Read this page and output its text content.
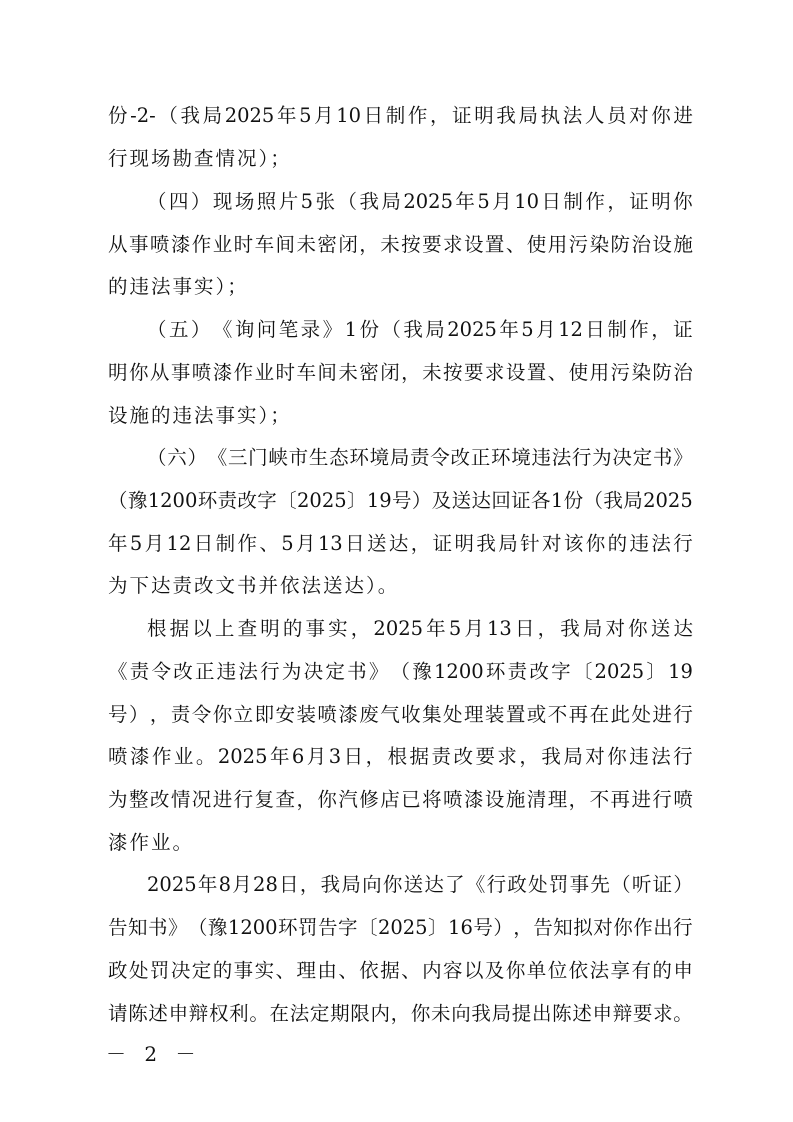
份 -2- （ 我 局 2025 年 5 月 10 日 制 作 ， 证 明 我 局 执 法 人 员 对 你 进
行现场勘查情况）；
（ 四 ） 现 场 照 片 5 张 （ 我 局 2025 年 5 月 10 日 制 作 ， 证 明 你
从 事 喷 漆 作 业 时 车 间 未 密 闭 ， 未 按 要 求 设 置 、 使 用 污 染 防 治 设 施
的违法事实）；
（ 五 ） 《 询 问 笔 录 》 1 份 （ 我 局 2025 年 5 月 12 日 制 作 ， 证
明 你 从 事 喷 漆 作 业 时 车 间 未 密 闭 ， 未 按 要 求 设 置 、 使 用 污 染 防 治
设施的违法事实）；
（ 六 ） 《 三 门 峡 市 生 态 环 境 局 责 令 改 正 环 境 违 法 行 为 决 定 书 》
（ 豫 1200 环 责 改 字 〔 2025 〕 19 号 ） 及 送 达 回 证 各 1 份 （ 我 局 2025
年 5 月 12 日 制 作 、 5 月 13 日 送 达 ， 证 明 我 局 针 对 该 你 的 违 法 行
为下达责改文书并依法送达）。
根 据 以 上 查 明 的 事 实 ， 2025 年 5 月 13 日 ， 我 局 对 你 送 达
《 责 令 改 正 违 法 行 为 决 定 书 》 （ 豫 1200 环 责 改 字 〔 2025 〕 19
号 ） ， 责 令 你 立 即 安 装 喷 漆 废 气 收 集 处 理 装 置 或 不 再 在 此 处 进 行
喷 漆 作 业 。 2025 年 6 月 3 日 ， 根 据 责 改 要 求 ， 我 局 对 你 违 法 行
为 整 改 情 况 进 行 复 查 ， 你 汽 修 店 已 将 喷 漆 设 施 清 理 ， 不 再 进 行 喷
漆作业。
2025 年 8 月 28 日 ， 我 局 向 你 送 达 了 《 行 政 处 罚 事 先 （ 听 证 ）
告 知 书 》 （ 豫 1200 环 罚 告 字 〔 2025 〕 16 号 ） ， 告 知 拟 对 你 作 出 行
政 处 罚 决 定 的 事 实 、 理 由 、 依 据 、 内 容 以 及 你 单 位 依 法 享 有 的 申
请 陈 述 申 辩 权 利 。 在 法 定 期 限 内 ， 你 未 向 我 局 提 出 陈 述 申 辩 要 求 。
－ 2 －
